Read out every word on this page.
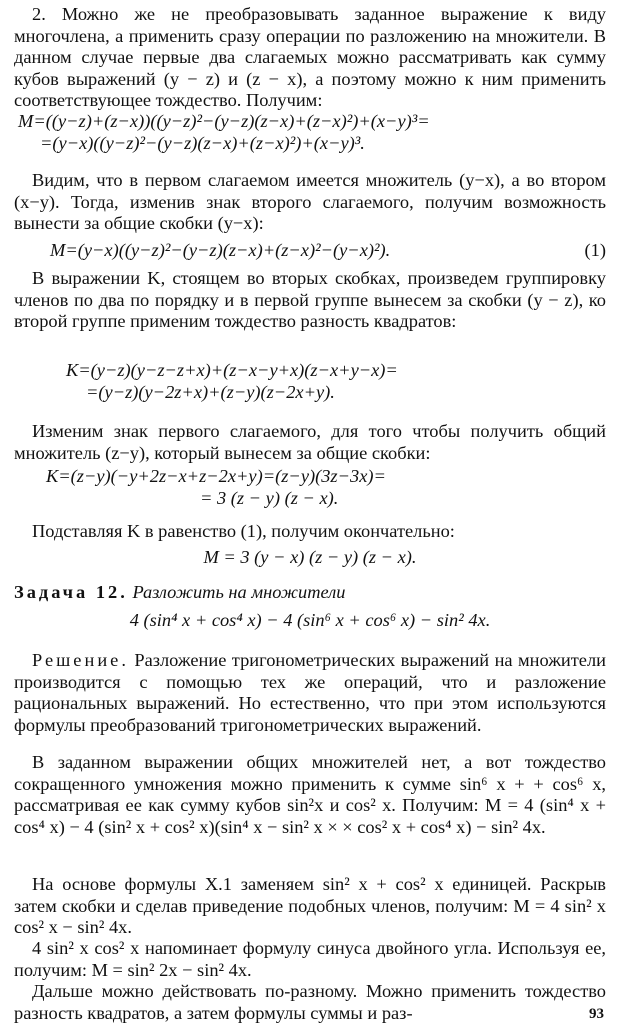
2. Можно же не преобразовывать заданное выражение к виду многочлена, а применить сразу операции по разложению на множители. В данном случае первые два слагаемых можно рассматривать как сумму кубов выражений (y − z) и (z − x), а поэтому можно к ним применить соответствующее тождество. Получим:

M=((y−z)+(z−x))((y−z)²−(y−z)(z−x)+(z−x)²)+(x−y)³=

=(y−x)((y−z)²−(y−z)(z−x)+(z−x)²)+(x−y)³.

Видим, что в первом слагаемом имеется множитель (y−x), а во втором (x−y). Тогда, изменив знак второго слагаемого, получим возможность вынести за общие скобки (y−x):

M=(y−x)((y−z)²−(y−z)(z−x)+(z−x)²−(y−x)²).	(1)

В выражении K, стоящем во вторых скобках, произведем группировку членов по два по порядку и в первой группе вынесем за скобки (y − z), ко второй группе применим тождество разность квадратов:

K=(y−z)(y−z−z+x)+(z−x−y+x)(z−x+y−x)=

=(y−z)(y−2z+x)+(z−y)(z−2x+y).

Изменим знак первого слагаемого, для того чтобы получить общий множитель (z−y), который вынесем за общие скобки:

K=(z−y)(−y+2z−x+z−2x+y)=(z−y)(3z−3x)=

= 3 (z − y) (z − x).

Подставляя K в равенство (1), получим окончательно:

M = 3 (y − x) (z − y) (z − x).

Задача 12. Разложить на множители

4 (sin⁴ x + cos⁴ x) − 4 (sin⁶ x + cos⁶ x) − sin² 4x.

Решение. Разложение тригонометрических выражений на множители производится с помощью тех же операций, что и разложение рациональных выражений. Но естественно, что при этом используются формулы преобразований тригонометрических выражений.

В заданном выражении общих множителей нет, а вот тождество сокращенного умножения можно применить к сумме sin⁶ x + + cos⁶ x, рассматривая ее как сумму кубов sin²x и cos² x. Получим: M = 4 (sin⁴ x + cos⁴ x) − 4 (sin² x + cos² x)(sin⁴ x − sin² x × × cos² x + cos⁴ x) − sin² 4x.

На основе формулы X.1 заменяем sin² x + cos² x единицей. Раскрыв затем скобки и сделав приведение подобных членов, получим: M = 4 sin² x cos² x − sin² 4x.

4 sin² x cos² x напоминает формулу синуса двойного угла. Используя ее, получим: M = sin² 2x − sin² 4x.

Дальше можно действовать по-разному. Можно применить тождество разность квадратов, а затем формулы суммы и раз-	93
